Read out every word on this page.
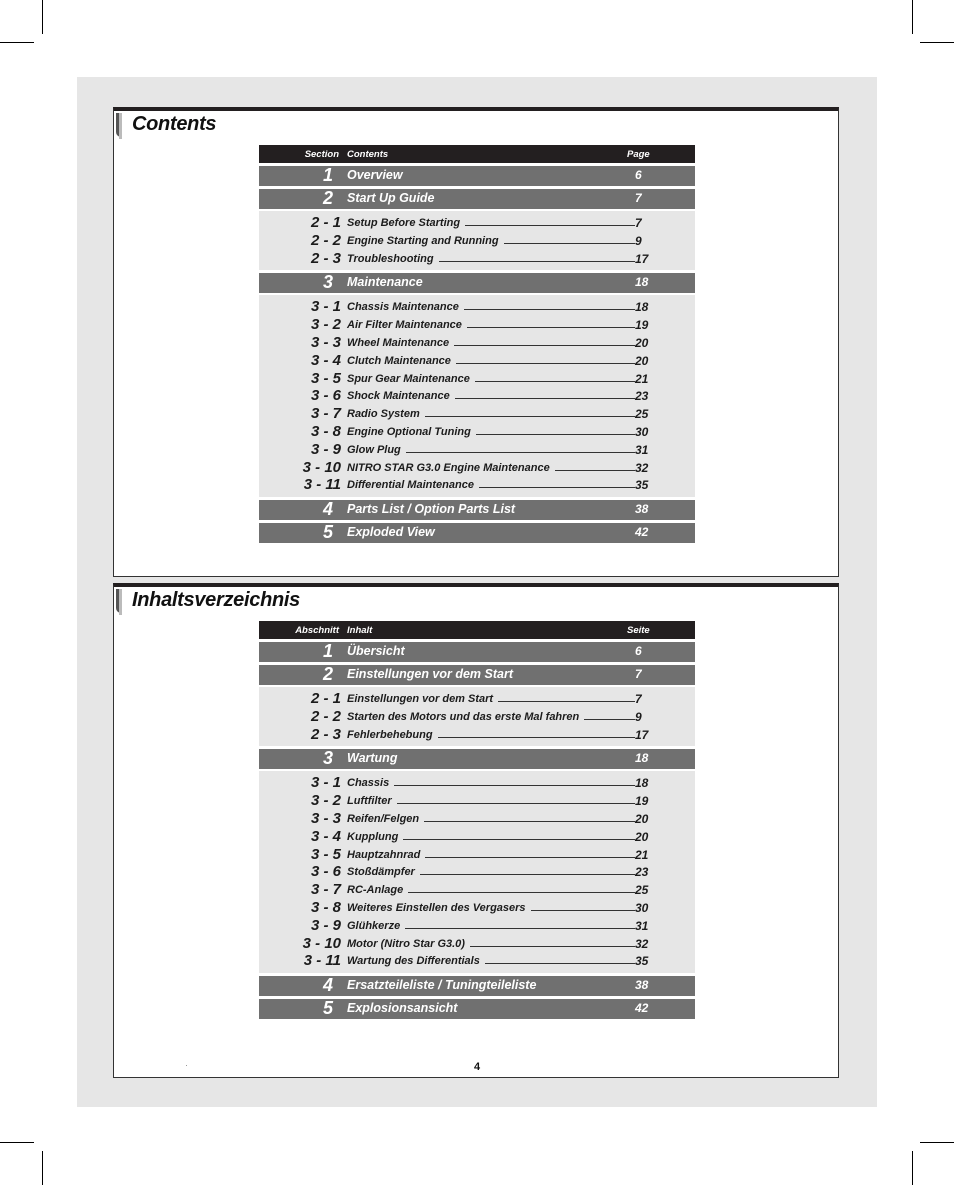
Contents
Section Contents	Page
1 Overview	6
2 Start Up Guide	7
2 - 1 Setup Before Starting	7
2 - 2 Engine Starting and Running	9
2 - 3 Troubleshooting	17
3 Maintenance	18
3 - 1 Chassis Maintenance	18
3 - 2 Air Filter Maintenance	19
3 - 3 Wheel Maintenance	20
3 - 4 Clutch Maintenance	20
3 - 5 Spur Gear Maintenance	21
3 - 6 Shock Maintenance	23
3 - 7 Radio System	25
3 - 8 Engine Optional Tuning	30
3 - 9 Glow Plug	31
3 - 10 NITRO STAR G3.0 Engine Maintenance	32
3 - 11 Differential Maintenance	35
4 Parts List / Option Parts List	38
5 Exploded View	42
Inhaltsverzeichnis
Abschnitt Inhalt	Seite
1 Übersicht	6
2 Einstellungen vor dem Start	7
2 - 1 Einstellungen vor dem Start	7
2 - 2 Starten des Motors und das erste Mal fahren	9
2 - 3 Fehlerbehebung	17
3 Wartung	18
3 - 1 Chassis	18
3 - 2 Luftfilter	19
3 - 3 Reifen/Felgen	20
3 - 4 Kupplung	20
3 - 5 Hauptzahnrad	21
3 - 6 Stoßdämpfer	23
3 - 7 RC-Anlage	25
3 - 8 Weiteres Einstellen des Vergasers	30
3 - 9 Glühkerze	31
3 - 10 Motor (Nitro Star G3.0)	32
3 - 11 Wartung des Differentials	35
4 Ersatzteileliste / Tuningteileliste	38
5 Explosionsansicht	42
4
